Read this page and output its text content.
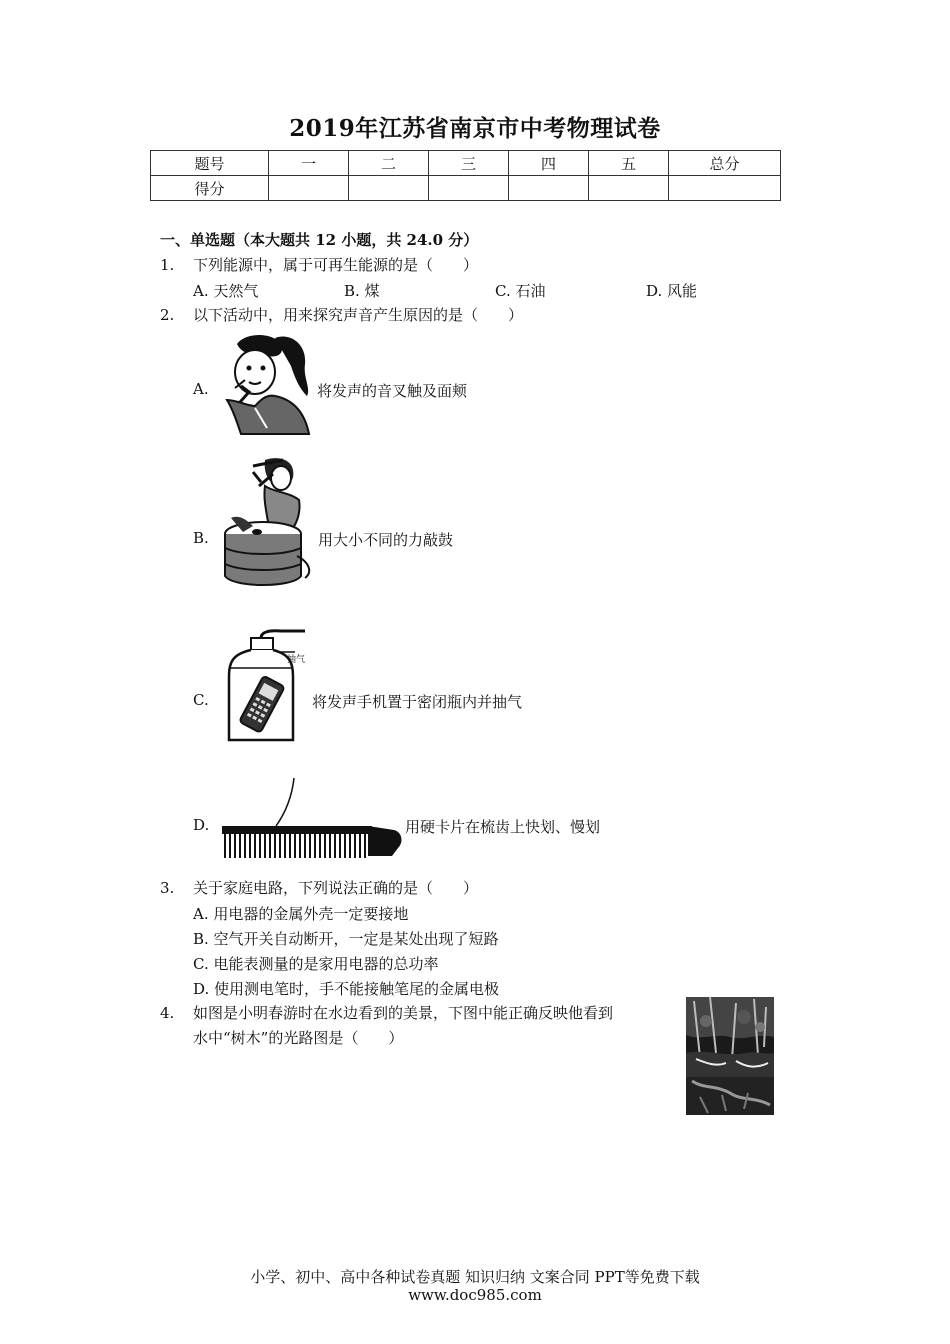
2019年江苏省南京市中考物理试卷
题号	一	二	三	四	五	总分
得分						
一、单选题（本大题共 12 小题，共 24.0 分）
1. 下列能源中，属于可再生能源的是（　　）
A. 天然气	B. 煤	C. 石油	D. 风能
2. 以下活动中，用来探究声音产生原因的是（　　）
A.	将发声的音叉触及面颊
B.	用大小不同的力敲鼓
抽气
C.	将发声手机置于密闭瓶内并抽气
D.	用硬卡片在梳齿上快划、慢划
3. 关于家庭电路，下列说法正确的是（　　）
A. 用电器的金属外壳一定要接地
B. 空气开关自动断开，一定是某处出现了短路
C. 电能表测量的是家用电器的总功率
D. 使用测电笔时，手不能接触笔尾的金属电极
4. 如图是小明春游时在水边看到的美景，下图中能正确反映他看到
水中“树木”的光路图是（　　）
小学、初中、高中各种试卷真题 知识归纳 文案合同 PPT等免费下载
www.doc985.com
